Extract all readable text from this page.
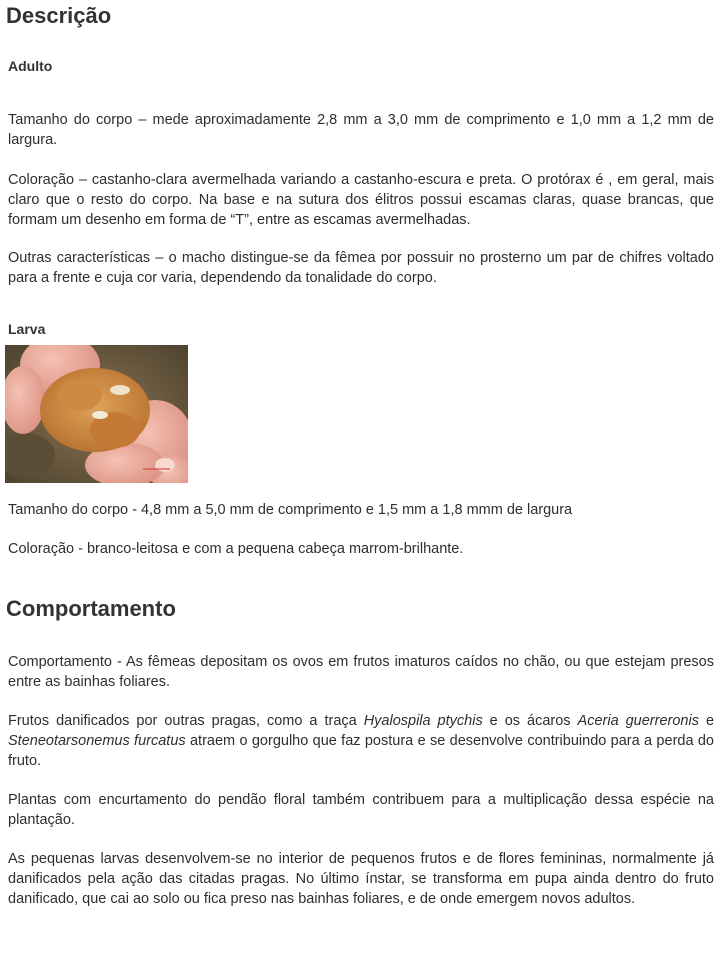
Descrição
Adulto
Tamanho do corpo – mede aproximadamente 2,8 mm a 3,0 mm de comprimento e 1,0 mm a 1,2 mm de largura.
Coloração – castanho-clara avermelhada variando a castanho-escura e preta. O protórax é , em geral, mais claro que o resto do corpo. Na base e na sutura dos élitros possui escamas claras, quase brancas, que formam um desenho em forma de “T”, entre as escamas avermelhadas.
Outras características – o macho distingue-se da fêmea por possuir no prosterno um par de chifres voltado para a frente e cuja cor varia, dependendo da tonalidade do corpo.
Larva
Tamanho do corpo - 4,8 mm a 5,0 mm de comprimento e 1,5 mm a 1,8 mmm de largura
Coloração - branco-leitosa e com a pequena cabeça marrom-brilhante.
Comportamento
Comportamento - As fêmeas depositam os ovos em frutos imaturos caídos no chão, ou que estejam presos entre as bainhas foliares.
Frutos danificados por outras pragas, como a traça Hyalospila ptychis e os ácaros Aceria guerreronis e Steneotarsonemus furcatus atraem o gorgulho que faz postura e se desenvolve contribuindo para a perda do fruto.
Plantas com encurtamento do pendão floral também contribuem para a multiplicação dessa espécie na plantação.
As pequenas larvas desenvolvem-se no interior de pequenos frutos e de flores femininas, normalmente já danificados pela ação das citadas pragas. No último ínstar, se transforma em pupa ainda dentro do fruto danificado, que cai ao solo ou fica preso nas bainhas foliares, e de onde emergem novos adultos.
